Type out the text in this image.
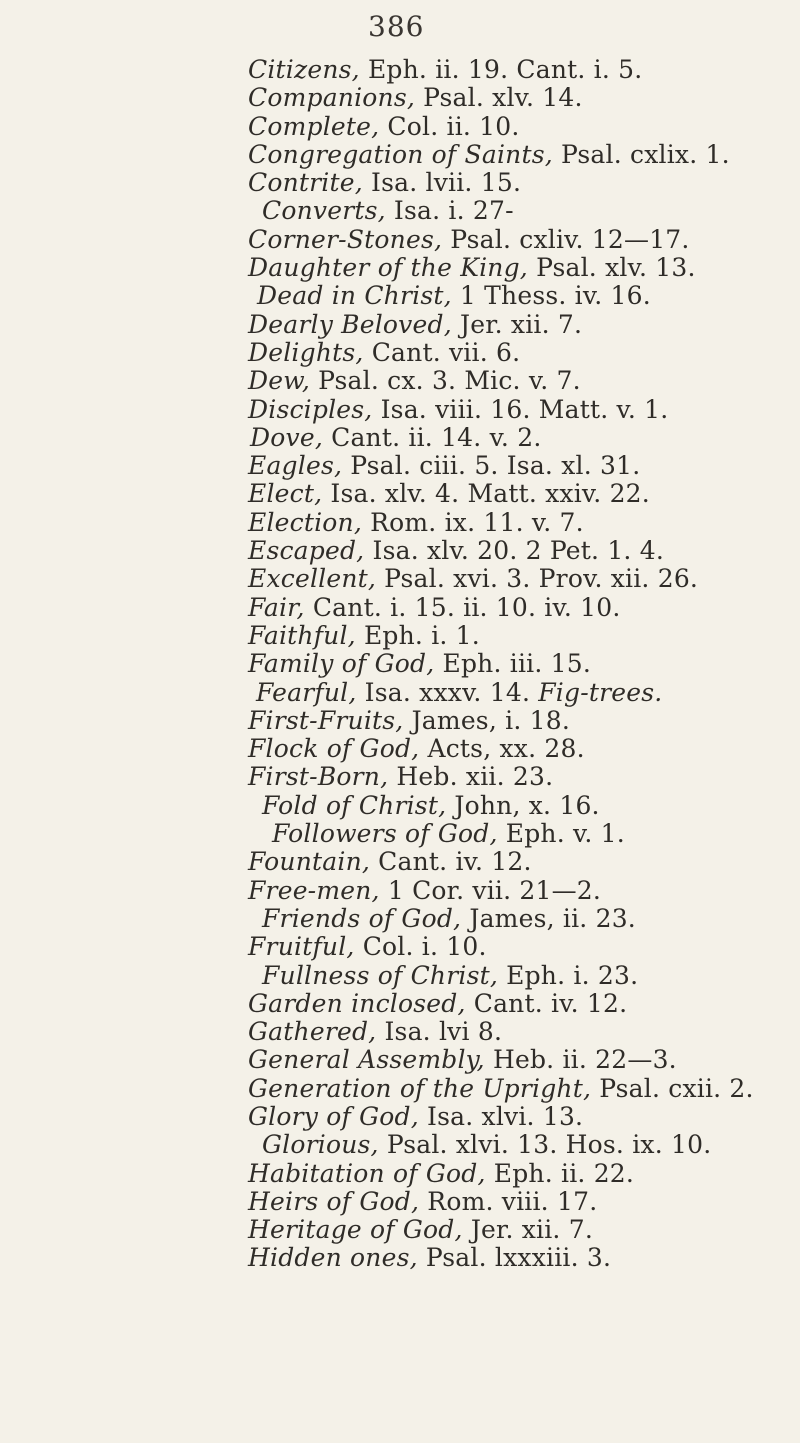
386
Citizens, Eph. ii. 19. Cant. i. 5.
Companions, Psal. xlv. 14.
Complete, Col. ii. 10.
Congregation of Saints, Psal. cxlix. 1.
Contrite, Isa. lvii. 15.
Converts, Isa. i. 27-
Corner-Stones, Psal. cxliv. 12—17.
Daughter of the King, Psal. xlv. 13.
Dead in Christ, 1 Thess. iv. 16.
Dearly Beloved, Jer. xii. 7.
Delights, Cant. vii. 6.
Dew, Psal. cx. 3. Mic. v. 7.
Disciples, Isa. viii. 16. Matt. v. 1.
Dove, Cant. ii. 14. v. 2.
Eagles, Psal. ciii. 5. Isa. xl. 31.
Elect, Isa. xlv. 4. Matt. xxiv. 22.
Election, Rom. ix. 11. v. 7.
Escaped, Isa. xlv. 20. 2 Pet. 1. 4.
Excellent, Psal. xvi. 3. Prov. xii. 26.
Fair, Cant. i. 15. ii. 10. iv. 10.
Faithful, Eph. i. 1.
Family of God, Eph. iii. 15.
Fearful, Isa. xxxv. 14. Fig-trees.
First-Fruits, James, i. 18.
Flock of God, Acts, xx. 28.
First-Born, Heb. xii. 23.
Fold of Christ, John, x. 16.
Followers of God, Eph. v. 1.
Fountain, Cant. iv. 12.
Free-men, 1 Cor. vii. 21—2.
Friends of God, James, ii. 23.
Fruitful, Col. i. 10.
Fullness of Christ, Eph. i. 23.
Garden inclosed, Cant. iv. 12.
Gathered, Isa. lvi 8.
General Assembly, Heb. ii. 22—3.
Generation of the Upright, Psal. cxii. 2.
Glory of God, Isa. xlvi. 13.
Glorious, Psal. xlvi. 13. Hos. ix. 10.
Habitation of God, Eph. ii. 22.
Heirs of God, Rom. viii. 17.
Heritage of God, Jer. xii. 7.
Hidden ones, Psal. lxxxiii. 3.
